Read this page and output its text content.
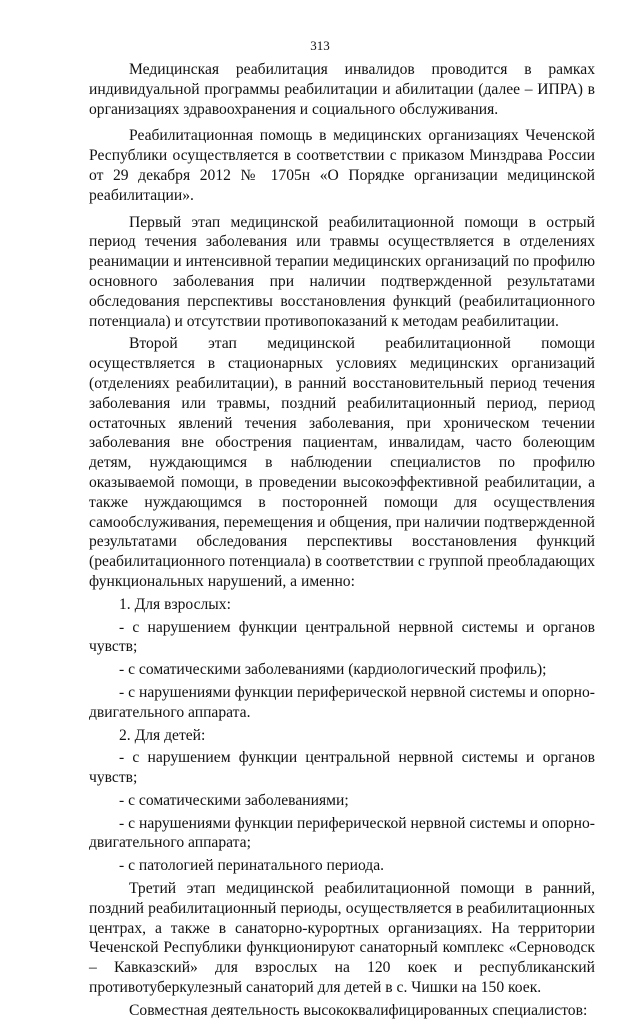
313

Медицинская реабилитация инвалидов проводится в рамках индивидуальной программы реабилитации и абилитации (далее – ИПРА) в организациях здравоохранения и социального обслуживания.

Реабилитационная помощь в медицинских организациях Чеченской Республики осуществляется в соответствии с приказом Минздрава России от 29 декабря 2012 № 1705н «О Порядке организации медицинской реабилитации».

Первый этап медицинской реабилитационной помощи в острый период течения заболевания или травмы осуществляется в отделениях реанимации и интенсивной терапии медицинских организаций по профилю основного заболевания при наличии подтвержденной результатами обследования перспективы восстановления функций (реабилитационного потенциала) и отсутствии противопоказаний к методам реабилитации.

Второй этап медицинской реабилитационной помощи осуществляется в стационарных условиях медицинских организаций (отделениях реабилитации), в ранний восстановительный период течения заболевания или травмы, поздний реабилитационный период, период остаточных явлений течения заболевания, при хроническом течении заболевания вне обострения пациентам, инвалидам, часто болеющим детям, нуждающимся в наблюдении специалистов по профилю оказываемой помощи, в проведении высокоэффективной реабилитации, а также нуждающимся в посторонней помощи для осуществления самообслуживания, перемещения и общения, при наличии подтвержденной результатами обследования перспективы восстановления функций (реабилитационного потенциала) в соответствии с группой преобладающих функциональных нарушений, а именно:

1. Для взрослых:

- с нарушением функции центральной нервной системы и органов чувств;

- с соматическими заболеваниями (кардиологический профиль);

- с нарушениями функции периферической нервной системы и опорно-двигательного аппарата.

2. Для детей:

- с нарушением функции центральной нервной системы и органов чувств;

- с соматическими заболеваниями;

- с нарушениями функции периферической нервной системы и опорно-двигательного аппарата;

- с патологией перинатального периода.

Третий этап медицинской реабилитационной помощи в ранний, поздний реабилитационный периоды, осуществляется в реабилитационных центрах, а также в санаторно-курортных организациях. На территории Чеченской Республики функционируют санаторный комплекс «Серноводск – Кавказский» для взрослых на 120 коек и республиканский противотуберкулезный санаторий для детей в с. Чишки на 150 коек.

Совместная деятельность высококвалифицированных специалистов:
